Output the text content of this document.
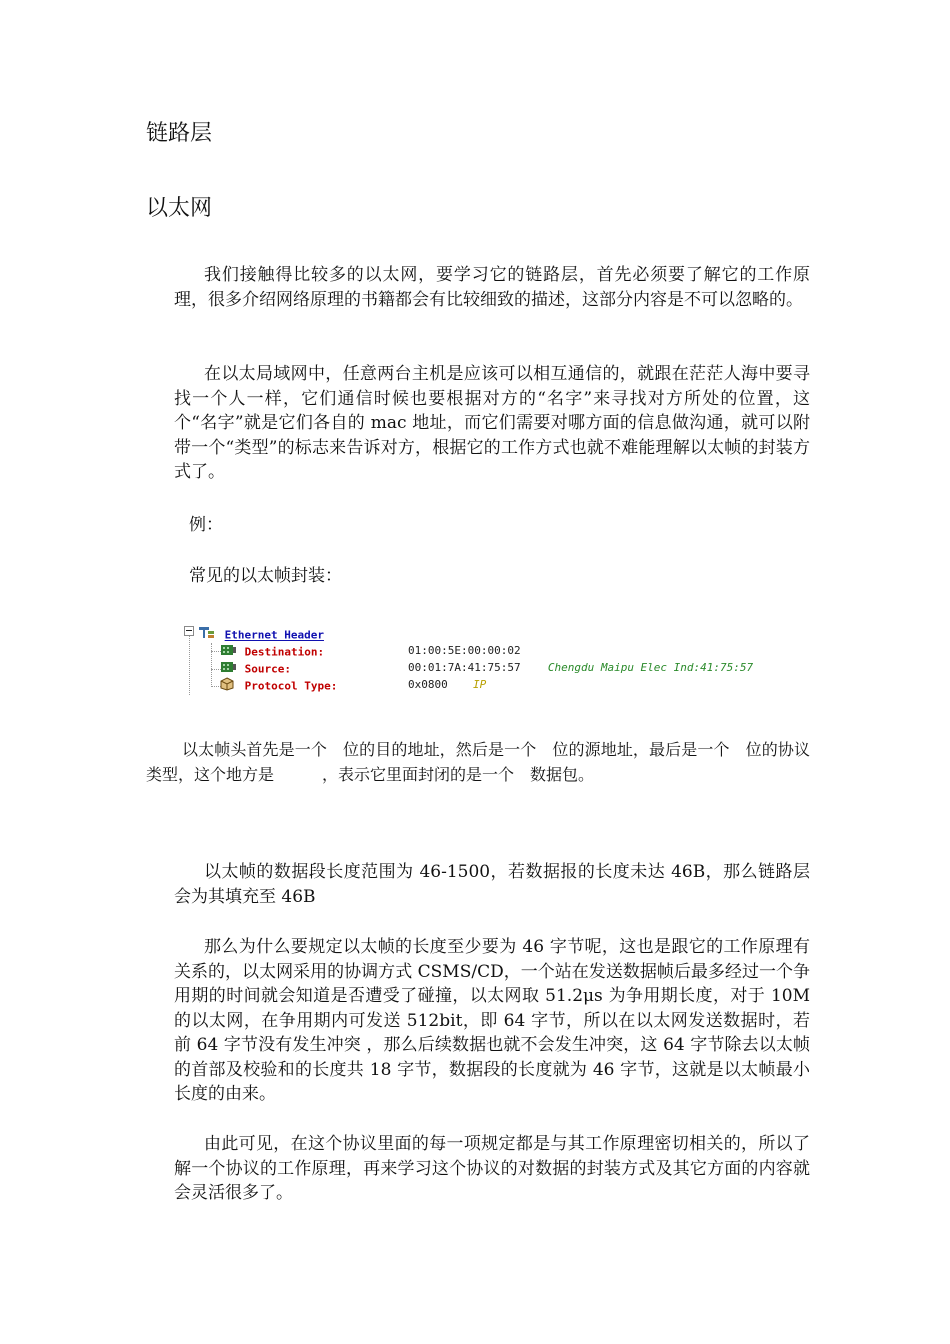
链路层
以太网

我们接触得比较多的以太网，要学习它的链路层，首先必须要了解它的工作原理，很多介绍网络原理的书籍都会有比较细致的描述，这部分内容是不可以忽略的。

在以太局域网中，任意两台主机是应该可以相互通信的，就跟在茫茫人海中要寻找一个人一样，它们通信时候也要根据对方的“名字”来寻找对方所处的位置，这个“名字”就是它们各自的 mac 地址，而它们需要对哪方面的信息做沟通，就可以附带一个“类型”的标志来告诉对方，根据它的工作方式也就不难能理解以太帧的封装方式了。

例：

常见的以太帧封装：

Ethernet Header
Destination:	01:00:5E:00:00:02
Source:	00:01:7A:41:75:57 Chengdu Maipu Elec Ind:41:75:57
Protocol Type:	0x0800 IP

以太帧头首先是一个　位的目的地址，然后是一个　位的源地址，最后是一个　位的协议类型，这个地方是　　　，表示它里面封闭的是一个　数据包。

以太帧的数据段长度范围为 46-1500，若数据报的长度未达 46B，那么链路层会为其填充至 46B

那么为什么要规定以太帧的长度至少要为 46 字节呢，这也是跟它的工作原理有关系的，以太网采用的协调方式 CSMS/CD，一个站在发送数据帧后最多经过一个争用期的时间就会知道是否遭受了碰撞，以太网取 51.2μs 为争用期长度，对于 10M 的以太网，在争用期内可发送 512bit，即 64 字节，所以在以太网发送数据时，若前 64 字节没有发生冲突 ，那么后续数据也就不会发生冲突，这 64 字节除去以太帧的首部及校验和的长度共 18 字节，数据段的长度就为 46 字节，这就是以太帧最小长度的由来。

由此可见，在这个协议里面的每一项规定都是与其工作原理密切相关的，所以了解一个协议的工作原理，再来学习这个协议的对数据的封装方式及其它方面的内容就会灵活很多了。
